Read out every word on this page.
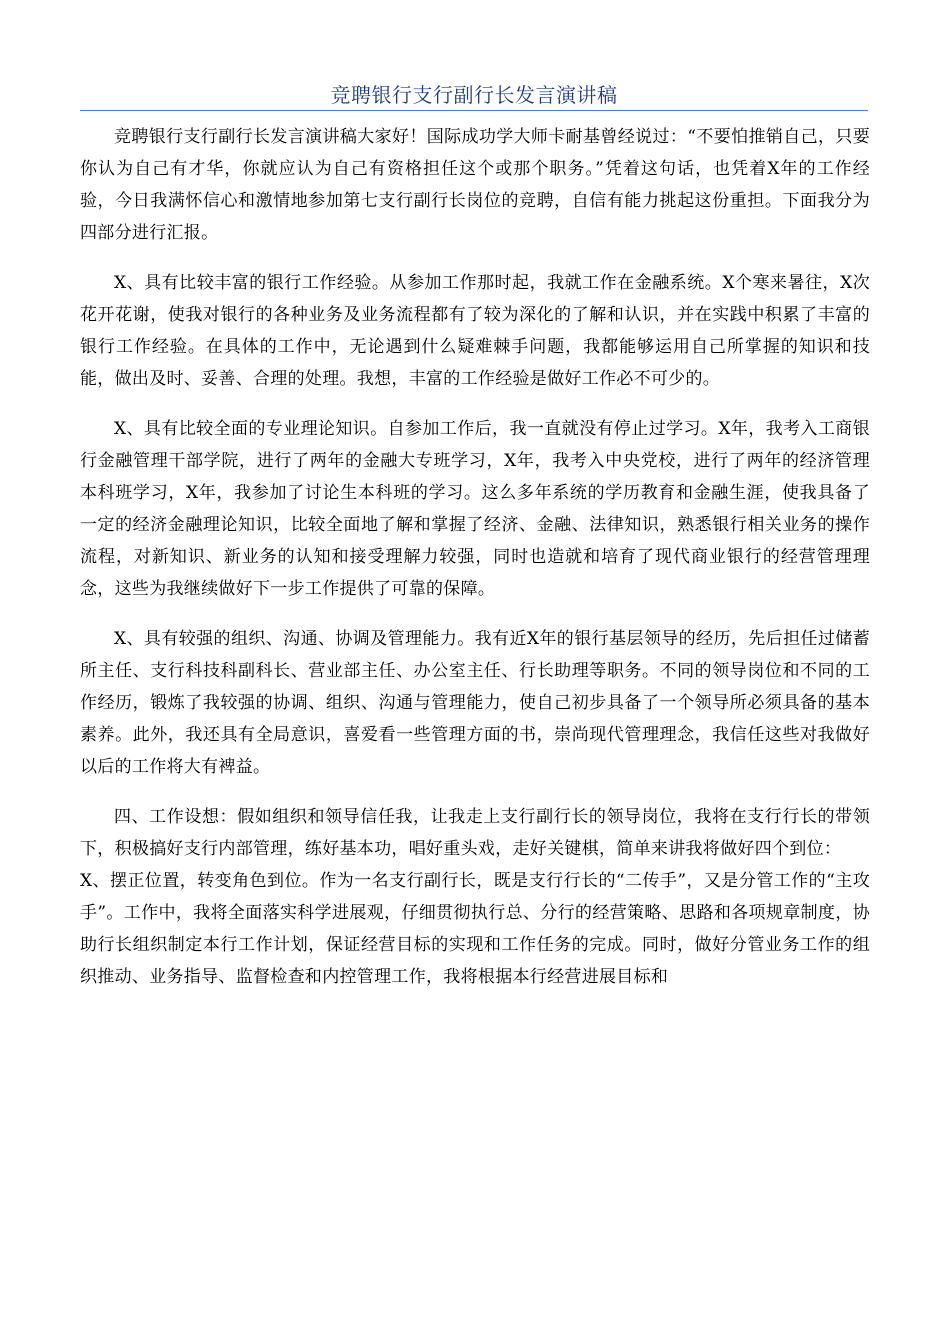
竞聘银行支行副行长发言演讲稿

竞聘银行支行副行长发言演讲稿大家好！国际成功学大师卡耐基曾经说过：“不要怕推销自己，只要你认为自己有才华，你就应认为自己有资格担任这个或那个职务。”凭着这句话，也凭着X年的工作经验，今日我满怀信心和激情地参加第七支行副行长岗位的竞聘，自信有能力挑起这份重担。下面我分为四部分进行汇报。

X、具有比较丰富的银行工作经验。从参加工作那时起，我就工作在金融系统。X个寒来暑往，X次花开花谢，使我对银行的各种业务及业务流程都有了较为深化的了解和认识，并在实践中积累了丰富的银行工作经验。在具体的工作中，无论遇到什么疑难棘手问题，我都能够运用自己所掌握的知识和技能，做出及时、妥善、合理的处理。我想，丰富的工作经验是做好工作必不可少的。

X、具有比较全面的专业理论知识。自参加工作后，我一直就没有停止过学习。X年，我考入工商银行金融管理干部学院，进行了两年的金融大专班学习，X年，我考入中央党校，进行了两年的经济管理本科班学习，X年，我参加了讨论生本科班的学习。这么多年系统的学历教育和金融生涯，使我具备了一定的经济金融理论知识，比较全面地了解和掌握了经济、金融、法律知识，熟悉银行相关业务的操作流程，对新知识、新业务的认知和接受理解力较强，同时也造就和培育了现代商业银行的经营管理理念，这些为我继续做好下一步工作提供了可靠的保障。

X、具有较强的组织、沟通、协调及管理能力。我有近X年的银行基层领导的经历，先后担任过储蓄所主任、支行科技科副科长、营业部主任、办公室主任、行长助理等职务。不同的领导岗位和不同的工作经历，锻炼了我较强的协调、组织、沟通与管理能力，使自己初步具备了一个领导所必须具备的基本素养。此外，我还具有全局意识，喜爱看一些管理方面的书，崇尚现代管理理念，我信任这些对我做好以后的工作将大有裨益。

四、工作设想：假如组织和领导信任我，让我走上支行副行长的领导岗位，我将在支行行长的带领下，积极搞好支行内部管理，练好基本功，唱好重头戏，走好关键棋，简单来讲我将做好四个到位：

X、摆正位置，转变角色到位。作为一名支行副行长，既是支行行长的“二传手”，又是分管工作的“主攻手”。工作中，我将全面落实科学进展观，仔细贯彻执行总、分行的经营策略、思路和各项规章制度，协助行长组织制定本行工作计划，保证经营目标的实现和工作任务的完成。同时，做好分管业务工作的组织推动、业务指导、监督检查和内控管理工作，我将根据本行经营进展目标和
